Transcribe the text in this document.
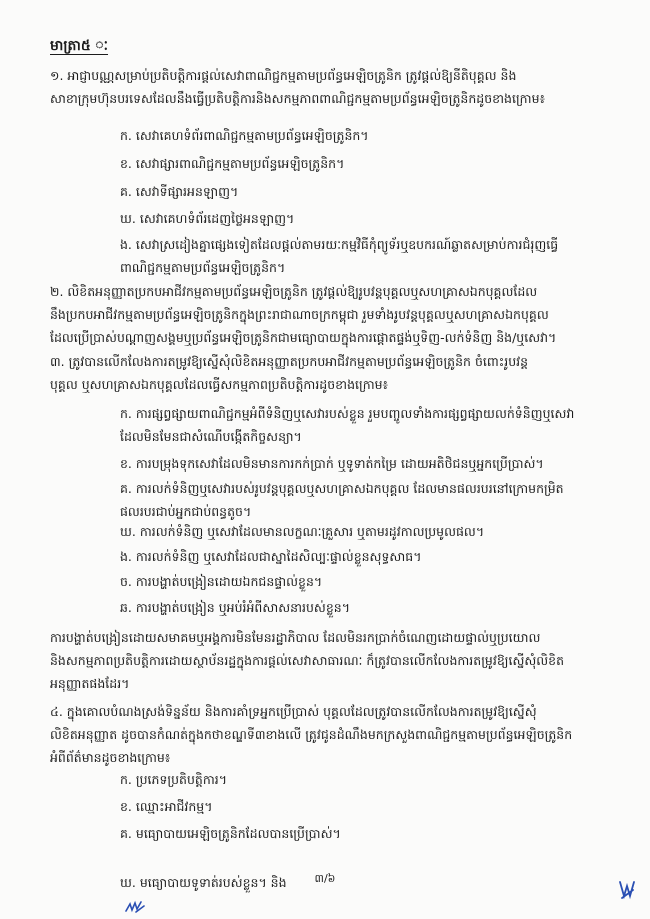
មាត្រា៥ ៈ
១. អាជ្ញាបណ្ណសម្រាប់ប្រតិបត្តិការផ្តល់សេវាពាណិជ្ជកម្មតាមប្រព័ន្ធអេឡិចត្រូនិក ត្រូវផ្តល់ឱ្យនីតិបុគ្គល និង
សាខាក្រុមហ៊ុនបរទេសដែលនឹងធ្វើប្រតិបត្តិការនិងសកម្មភាពពាណិជ្ជកម្មតាមប្រព័ន្ធអេឡិចត្រូនិកដូចខាងក្រោម៖
ក. សេវាគេហទំព័រពាណិជ្ជកម្មតាមប្រព័ន្ធអេឡិចត្រូនិក។
ខ. សេវាផ្សារពាណិជ្ជកម្មតាមប្រព័ន្ធអេឡិចត្រូនិក។
គ. សេវាទីផ្សារអនឡាញ។
ឃ. សេវាគេហទំព័រដេញថ្លៃអនឡាញ។
ង. សេវាស្រដៀងគ្នាផ្សេងទៀតដែលផ្តល់តាមរយៈកម្មវិធីកុំព្យូទ័រឬឧបករណ៍ឆ្លាតសម្រាប់ការជំរុញធ្វើ
ពាណិជ្ជកម្មតាមប្រព័ន្ធអេឡិចត្រូនិក។
២. លិខិតអនុញ្ញាតប្រកបអាជីវកម្មតាមប្រព័ន្ធអេឡិចត្រូនិក ត្រូវផ្តល់ឱ្យរូបវន្តបុគ្គលឬសហគ្រាសឯកបុគ្គលដែល
នឹងប្រកបអាជីវកម្មតាមប្រព័ន្ធអេឡិចត្រូនិកក្នុងព្រះរាជាណាចក្រកម្ពុជា រួមទាំងរូបវន្តបុគ្គលឬសហគ្រាសឯកបុគ្គល
ដែលប្រើប្រាស់បណ្តាញសង្គមឬប្រព័ន្ធអេឡិចត្រូនិកជាមធ្យោបាយក្នុងការផ្តោតផ្ទង់ឬទិញ-លក់ទំនិញ និង/ឬសេវា។
៣. ត្រូវបានលើកលែងការតម្រូវឱ្យស្នើសុំលិខិតអនុញ្ញាតប្រកបអាជីវកម្មតាមប្រព័ន្ធអេឡិចត្រូនិក ចំពោះរូបវន្ត
បុគ្គល ឬសហគ្រាសឯកបុគ្គលដែលធ្វើសកម្មភាពប្រតិបត្តិការដូចខាងក្រោម៖
ក. ការផ្សព្វផ្សាយពាណិជ្ជកម្មអំពីទំនិញឬសេវារបស់ខ្លួន រួមបញ្ចូលទាំងការផ្សព្វផ្សាយលក់ទំនិញឬសេវា
ដែលមិនមែនជាសំណើបង្កើតកិច្ចសន្យា។
ខ. ការបម្រុងទុកសេវាដែលមិនមានការកក់ប្រាក់ ឬទូទាត់កម្រៃ ដោយអតិថិជនឬអ្នកប្រើប្រាស់។
គ. ការលក់ទំនិញឬសេវារបស់រូបវន្តបុគ្គលឬសហគ្រាសឯកបុគ្គល ដែលមានផលរបរនៅក្រោមកម្រិត
ផលរបរជាប់អ្នកជាប់ពន្ធតូច។
ឃ. ការលក់ទំនិញ ឬសេវាដែលមានលក្ខណៈគ្រួសារ ឬតាមរដូវកាលប្រមូលផល។
ង. ការលក់ទំនិញ ឬសេវាដែលជាស្នាដៃសិល្បៈផ្ទាល់ខ្លួនសុទ្ធសាធ។
ច. ការបង្ហាត់បង្រៀនដោយឯកជនផ្ទាល់ខ្លួន។
ឆ. ការបង្ហាត់បង្រៀន ឬអប់រំអំពីសាសនារបស់ខ្លួន។
ការបង្ហាត់បង្រៀនដោយសមាគមឬអង្គការមិនមែនរដ្ឋាភិបាល ដែលមិនរកប្រាក់ចំណេញដោយផ្ទាល់ឬប្រយោល
និងសកម្មភាពប្រតិបត្តិការដោយស្ថាប័នរដ្ឋក្នុងការផ្តល់សេវាសាធារណៈ ក៏ត្រូវបានលើកលែងការតម្រូវឱ្យស្នើសុំលិខិត
អនុញ្ញាតផងដែរ។
៤. ក្នុងគោលបំណងស្រង់ទិន្នន័យ និងការគាំទ្រអ្នកប្រើប្រាស់ បុគ្គលដែលត្រូវបានលើកលែងការតម្រូវឱ្យស្នើសុំ
លិខិតអនុញ្ញាត ដូចបានកំណត់ក្នុងកថាខណ្ឌទី៣ខាងលើ ត្រូវជូនដំណឹងមកក្រសួងពាណិជ្ជកម្មតាមប្រព័ន្ធអេឡិចត្រូនិក
អំពីព័ត៌មានដូចខាងក្រោម៖
ក. ប្រភេទប្រតិបត្តិការ។
ខ. ឈ្មោះអាជីវកម្ម។
គ. មធ្យោបាយអេឡិចត្រូនិកដែលបានប្រើប្រាស់។

ឃ. មធ្យោបាយទូទាត់របស់ខ្លួន។ និង	៣/៦
